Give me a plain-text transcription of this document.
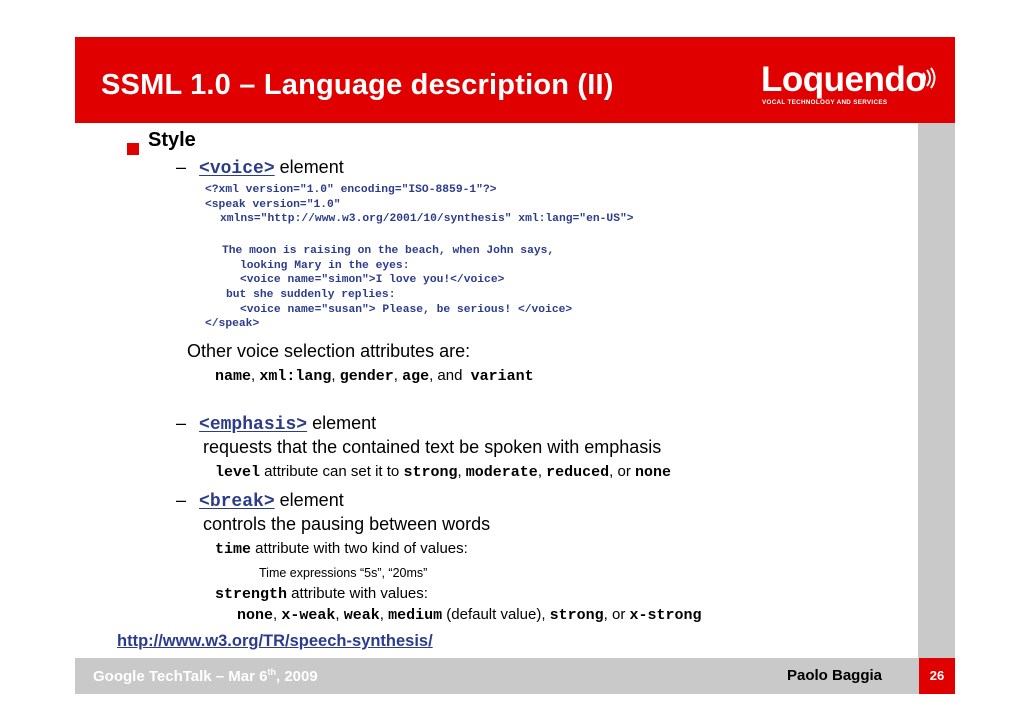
SSML 1.0 – Language description (II)	Loquendo
VOCAL TECHNOLOGY AND SERVICES
Style
– <voice> element
<?xml version="1.0" encoding="ISO-8859-1"?>
<speak version="1.0"
xmlns="http://www.w3.org/2001/10/synthesis" xml:lang="en-US">
The moon is raising on the beach, when John says,
looking Mary in the eyes:
<voice name="simon">I love you!</voice>
but she suddenly replies:
<voice name="susan"> Please, be serious! </voice>
</speak>
Other voice selection attributes are:
name, xml:lang, gender, age, and variant
– <emphasis> element
requests that the contained text be spoken with emphasis
level attribute can set it to strong, moderate, reduced, or none
– <break> element
controls the pausing between words
time attribute with two kind of values:
Time expressions “5s”, “20ms”
strength attribute with values:
none, x-weak, weak, medium (default value), strong, or x-strong
http://www.w3.org/TR/speech-synthesis/
Google TechTalk – Mar 6th, 2009	Paolo Baggia	26
